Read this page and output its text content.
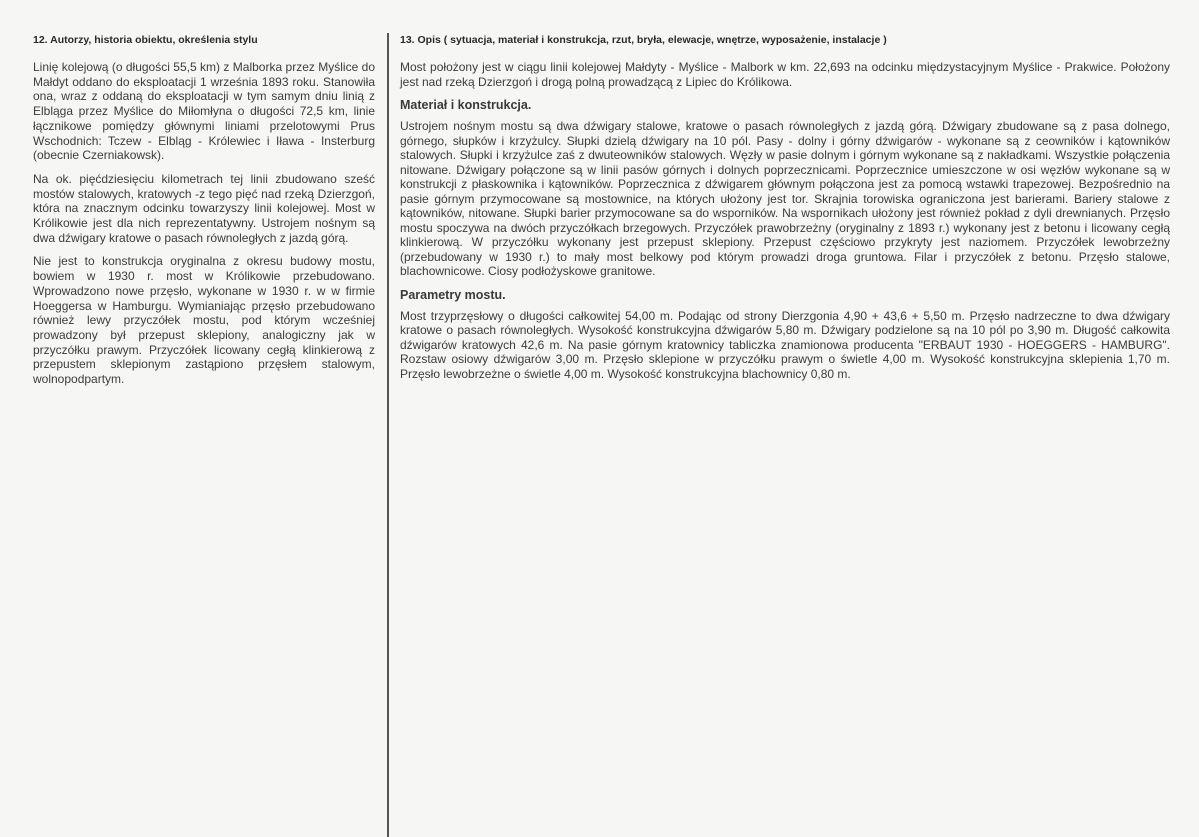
12. Autorzy, historia obiektu, określenia stylu

Linię kolejową (o długości 55,5 km) z Malborka przez Myślice do Małdyt oddano do eksploatacji 1 września 1893 roku. Stanowiła ona, wraz z oddaną do eksploatacji w tym samym dniu linią z Elbląga przez Myślice do Miłomłyna o długości 72,5 km, linie łącznikowe pomiędzy głównymi liniami przelotowymi Prus Wschodnich: Tczew - Elbląg - Królewiec i Iława - Insterburg (obecnie Czerniakowsk).

Na ok. pięćdziesięciu kilometrach tej linii zbudowano sześć mostów stalowych, kratowych -z tego pięć nad rzeką Dzierzgoń, która na znacznym odcinku towarzyszy linii kolejowej. Most w Królikowie jest dla nich reprezentatywny. Ustrojem nośnym są dwa dźwigary kratowe o pasach równoległych z jazdą górą.

Nie jest to konstrukcja oryginalna z okresu budowy mostu, bowiem w 1930 r. most w Królikowie przebudowano. Wprowadzono nowe przęsło, wykonane w 1930 r. w w firmie Hoeggersa w Hamburgu. Wymianiając przęsło przebudowano również lewy przyczółek mostu, pod którym wcześniej prowadzony był przepust sklepiony, analogiczny jak w przyczółku prawym. Przyczółek licowany cegłą klinkierową z przepustem sklepionym zastąpiono przęsłem stalowym, wolnopodpartym.

13. Opis ( sytuacja, materiał i konstrukcja, rzut, bryła, elewacje, wnętrze, wyposażenie, instalacje )

Most położony jest w ciągu linii kolejowej Małdyty - Myślice - Malbork w km. 22,693 na odcinku międzystacyjnym Myślice - Prakwice. Położony jest nad rzeką Dzierzgoń i drogą polną prowadzącą z Lipiec do Królikowa.

Materiał i konstrukcja.

Ustrojem nośnym mostu są dwa dźwigary stalowe, kratowe o pasach równoległych z jazdą górą. Dźwigary zbudowane są z pasa dolnego, górnego, słupków i krzyżulcy. Słupki dzielą dźwigary na 10 pól. Pasy - dolny i górny dźwigarów - wykonane są z ceowników i kątowników stalowych. Słupki i krzyżulce zaś z dwuteowników stalowych. Węzły w pasie dolnym i górnym wykonane są z nakładkami. Wszystkie połączenia nitowane. Dźwigary połączone są w linii pasów górnych i dolnych poprzecznicami. Poprzecznice umieszczone w osi węzłów wykonane są w konstrukcji z płaskownika i kątowników. Poprzecznica z dźwigarem głównym połączona jest za pomocą wstawki trapezowej. Bezpośrednio na pasie górnym przymocowane są mostownice, na których ułożony jest tor. Skrajnia torowiska ograniczona jest barierami. Bariery stalowe z kątowników, nitowane. Słupki barier przymocowane sa do wsporników. Na wspornikach ułożony jest również pokład z dyli drewnianych. Przęsło mostu spoczywa na dwóch przyczółkach brzegowych. Przyczółek prawobrzeżny (oryginalny z 1893 r.) wykonany jest z betonu i licowany cegłą klinkierową. W przyczółku wykonany jest przepust sklepiony. Przepust częściowo przykryty jest naziomem. Przyczółek lewobrzeżny (przebudowany w 1930 r.) to mały most belkowy pod którym prowadzi droga gruntowa. Filar i przyczółek z betonu. Przęsło stalowe, blachownicowe. Ciosy podłożyskowe granitowe.

Parametry mostu.

Most trzyprzęsłowy o długości całkowitej 54,00 m. Podając od strony Dierzgonia 4,90 + 43,6 + 5,50 m. Przęsło nadrzeczne to dwa dźwigary kratowe o pasach równoległych. Wysokość konstrukcyjna dźwigarów 5,80 m. Dźwigary podzielone są na 10 pól po 3,90 m. Długość całkowita dźwigarów kratowych 42,6 m. Na pasie górnym kratownicy tabliczka znamionowa producenta "ERBAUT 1930 - HOEGGERS - HAMBURG". Rozstaw osiowy dźwigarów 3,00 m. Przęsło sklepione w przyczółku prawym o świetle 4,00 m. Wysokość konstrukcyjna sklepienia 1,70 m. Przęsło lewobrzeżne o świetle 4,00 m. Wysokość konstrukcyjna blachownicy 0,80 m.
